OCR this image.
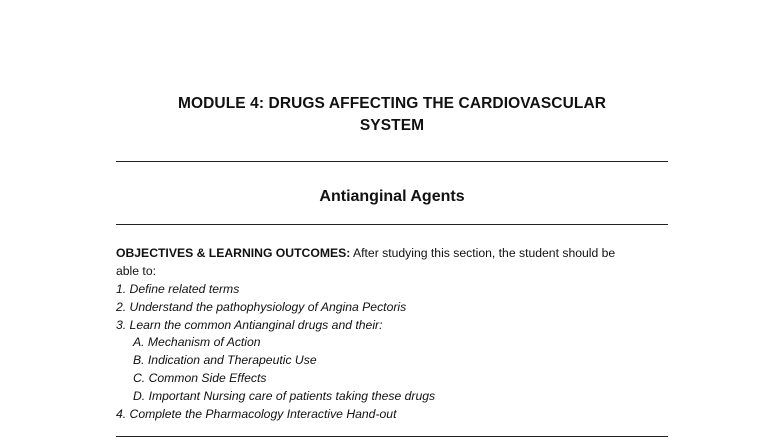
MODULE 4: DRUGS AFFECTING THE CARDIOVASCULAR
SYSTEM
Antianginal Agents
OBJECTIVES & LEARNING OUTCOMES: After studying this section, the student should be
able to:
1. Define related terms
2. Understand the pathophysiology of Angina Pectoris
3. Learn the common Antianginal drugs and their:
A. Mechanism of Action
B. Indication and Therapeutic Use
C. Common Side Effects
D. Important Nursing care of patients taking these drugs
4. Complete the Pharmacology Interactive Hand-out
